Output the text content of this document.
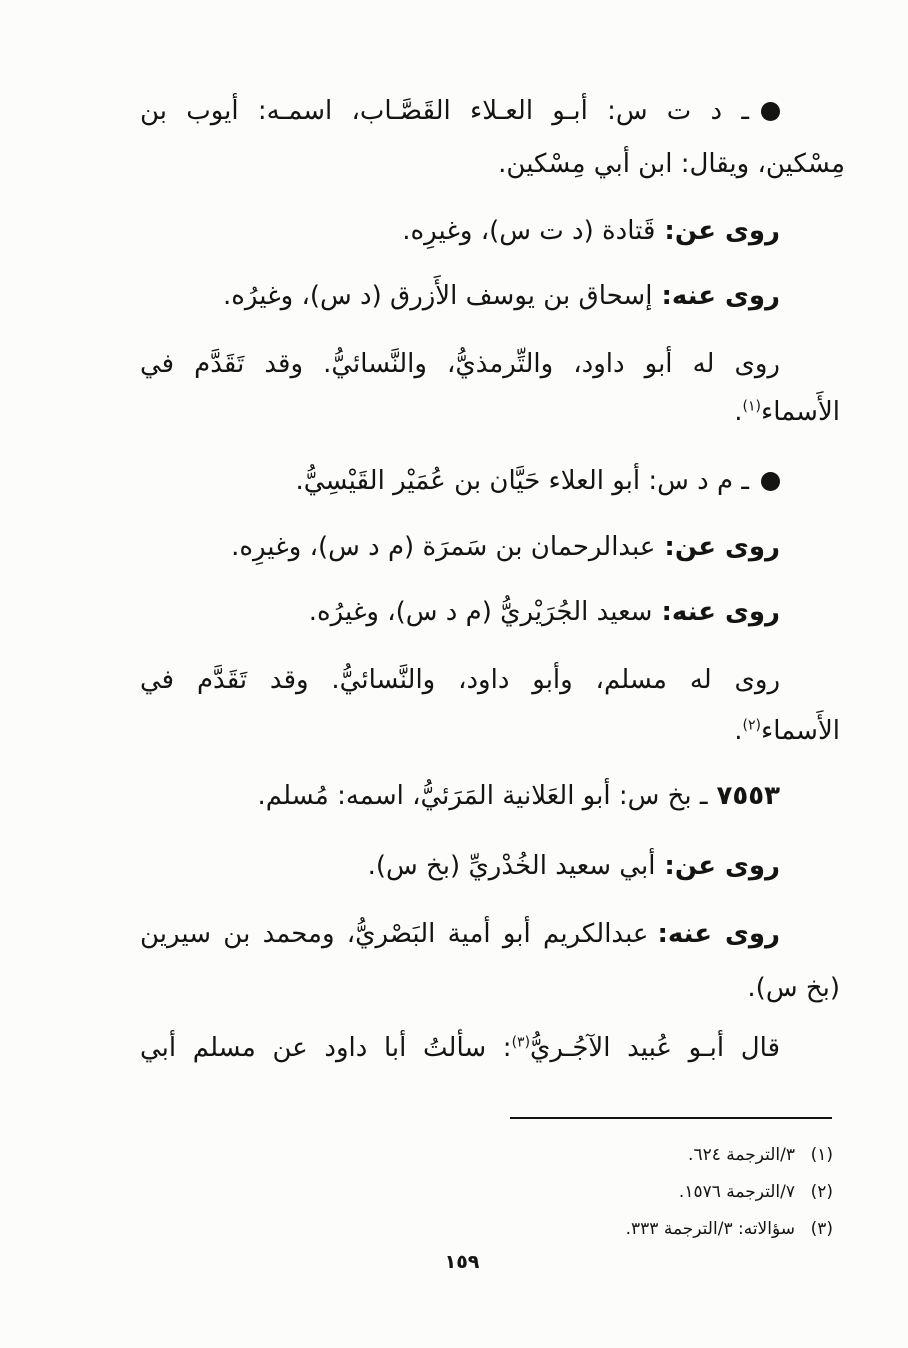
ـ د ت س: أبـو العـلاء القَصَّـاب، اسمـه: أيوب بن
مِسْكين، ويقال: ابن أبي مِسْكين.
روى عن:قَتادة (د ت س)، وغيرِه.
روى عنه:إسحاق بن يوسف الأَزرق (د س)، وغيرُه.
روى له أبو داود، والتِّرمذيُّ، والنَّسائيُّ. وقد تَقَدَّم في
الأَسماء$^{(١)}$.
ـ م د س: أبو العلاء حَيَّان بن عُمَيْر القَيْسِيُّ.
روى عن:عبدالرحمان بن سَمرَة (م د س)، وغيرِه.
روى عنه:سعيد الجُرَيْريُّ (م د س)، وغيرُه.
روى له مسلم، وأبو داود، والنَّسائيُّ. وقد تَقَدَّم في
الأَسماء$^{(٢)}$.
٧٥٥٣ـ بخ س: أبو العَلانية المَرَئيُّ، اسمه: مُسلم.
روى عن:أبي سعيد الخُدْريِّ (بخ س).
روى عنه:عبدالكريم أبو أمية البَصْريُّ، ومحمد بن سيرين
(بخ س).
قال أبـو عُبيد الآجُـريُّ$^{(٣)}$: سألتُ أبا داود عن مسلم أبي
(١)٣/الترجمة ٦٢٤.
(٢)٧/الترجمة ١٥٧٦.
(٣)سؤالاته: ٣/الترجمة ٣٣٣.
١٥٩
